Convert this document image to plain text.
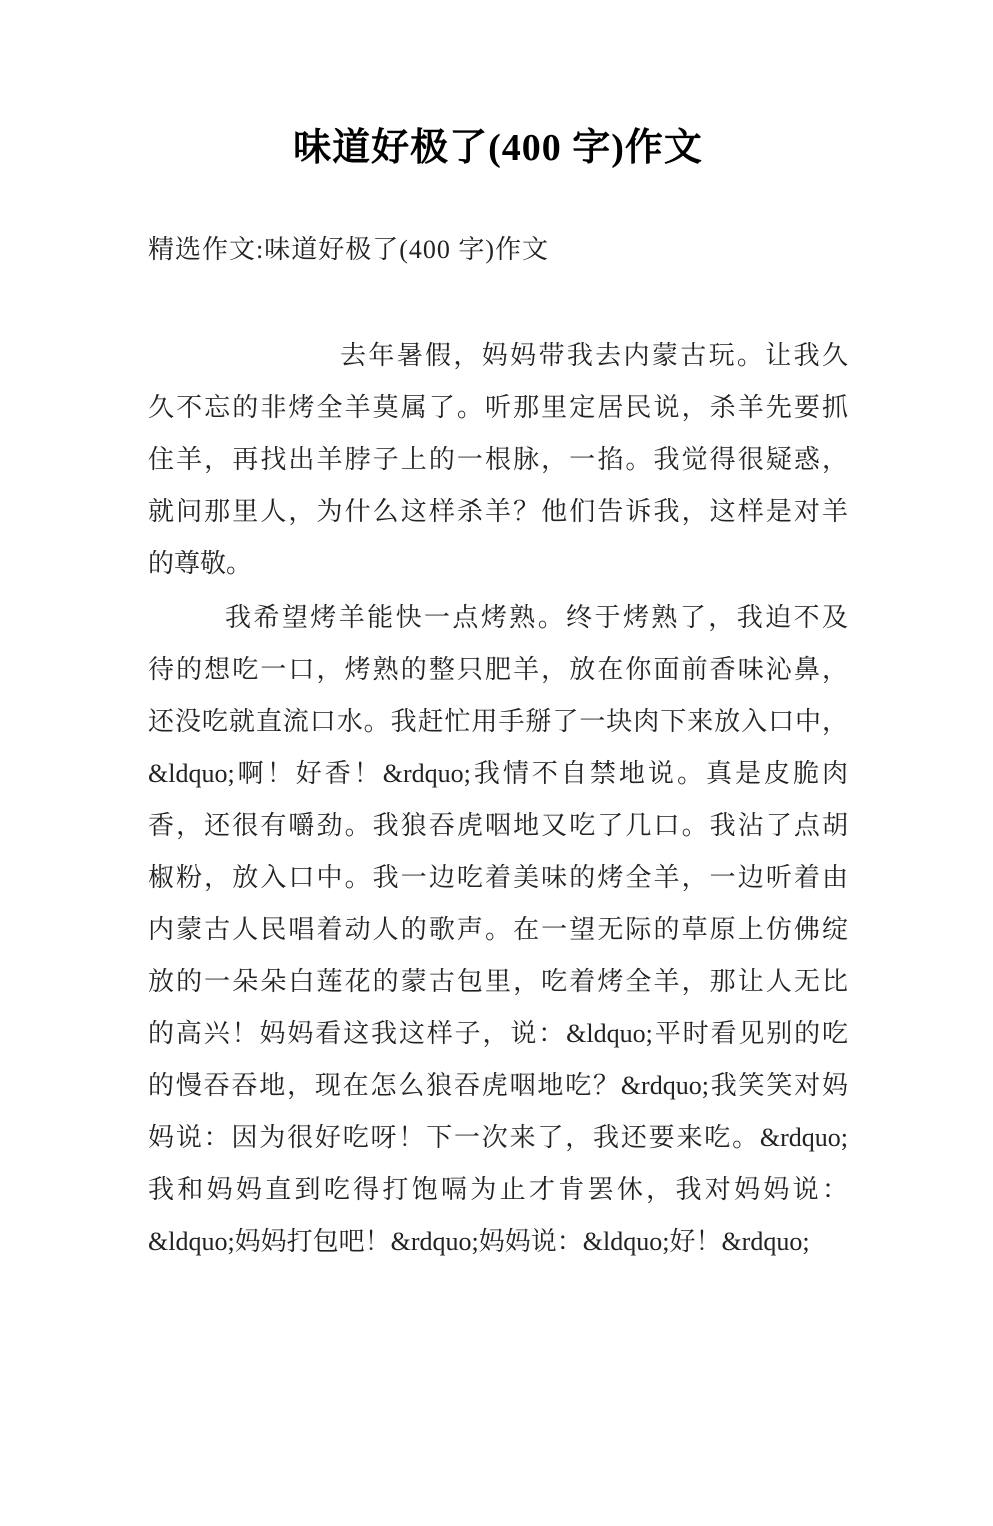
味道好极了(400 字)作文

精选作文:味道好极了(400 字)作文

去年暑假，妈妈带我去内蒙古玩。让我久
久不忘的非烤全羊莫属了。听那里定居民说，杀羊先要抓
住羊，再找出羊脖子上的一根脉，一掐。我觉得很疑惑，
就问那里人，为什么这样杀羊？他们告诉我，这样是对羊
的尊敬。
我希望烤羊能快一点烤熟。终于烤熟了，我迫不及
待的想吃一口，烤熟的整只肥羊，放在你面前香味沁鼻，
还没吃就直流口水。我赶忙用手掰了一块肉下来放入口中，
&ldquo;啊！好香！&rdquo;我情不自禁地说。真是皮脆肉
香，还很有嚼劲。我狼吞虎咽地又吃了几口。我沾了点胡
椒粉，放入口中。我一边吃着美味的烤全羊，一边听着由
内蒙古人民唱着动人的歌声。在一望无际的草原上仿佛绽
放的一朵朵白莲花的蒙古包里，吃着烤全羊，那让人无比
的高兴！妈妈看这我这样子，说：&ldquo;平时看见别的吃
的慢吞吞地，现在怎么狼吞虎咽地吃？&rdquo;我笑笑对妈
妈说：因为很好吃呀！下一次来了，我还要来吃。&rdquo;
我和妈妈直到吃得打饱嗝为止才肯罢休，我对妈妈说：
&ldquo;妈妈打包吧！&rdquo;妈妈说：&ldquo;好！&rdquo;
